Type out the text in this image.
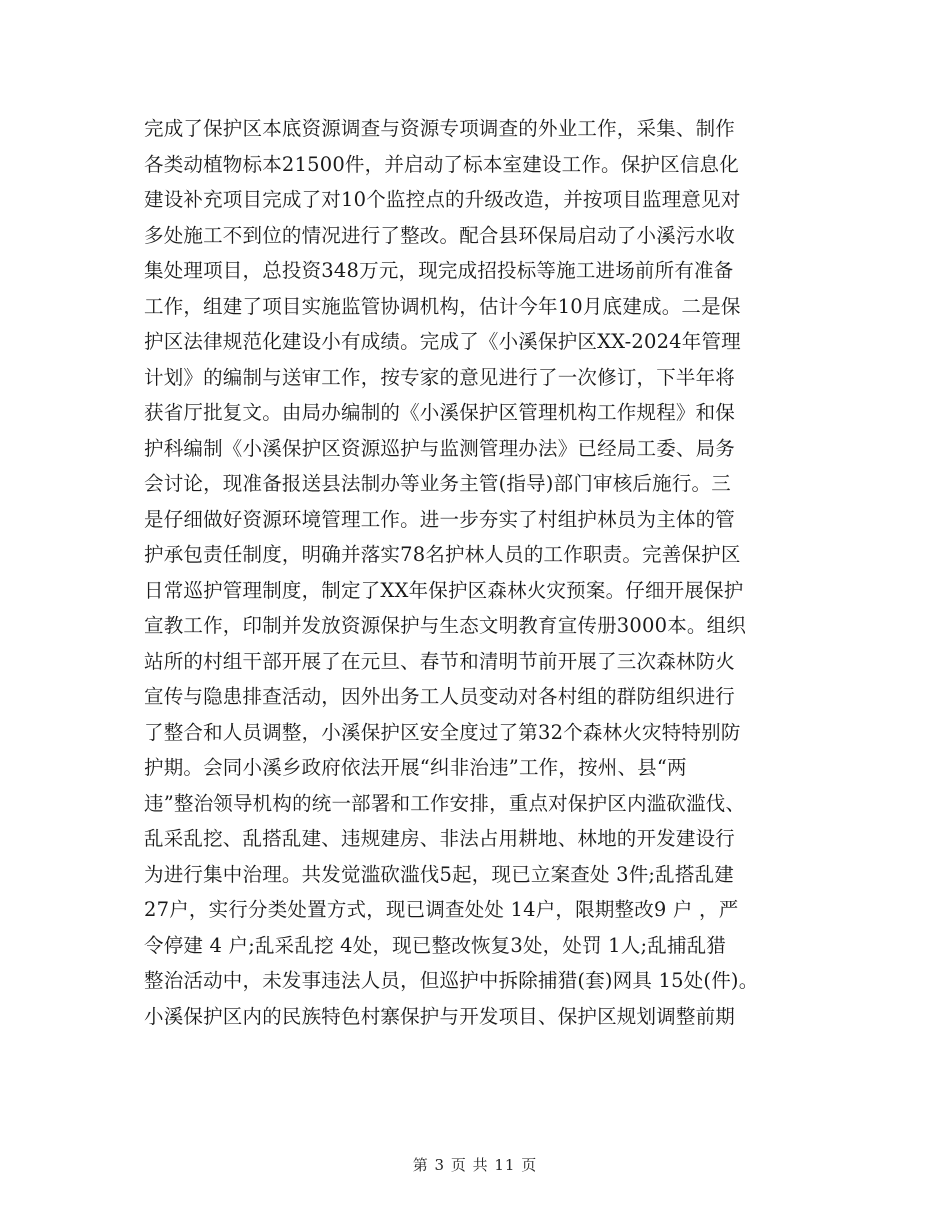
完成了保护区本底资源调查与资源专项调查的外业工作，采集、制作
各类动植物标本21500件，并启动了标本室建设工作。保护区信息化
建设补充项目完成了对10个监控点的升级改造，并按项目监理意见对
多处施工不到位的情况进行了整改。配合县环保局启动了小溪污水收
集处理项目，总投资348万元，现完成招投标等施工进场前所有准备
工作，组建了项目实施监管协调机构，估计今年10月底建成。二是保
护区法律规范化建设小有成绩。完成了《小溪保护区XX-2024年管理
计划》的编制与送审工作，按专家的意见进行了一次修订，下半年将
获省厅批复文。由局办编制的《小溪保护区管理机构工作规程》和保
护科编制《小溪保护区资源巡护与监测管理办法》已经局工委、局务
会讨论，现准备报送县法制办等业务主管(指导)部门审核后施行。三
是仔细做好资源环境管理工作。进一步夯实了村组护林员为主体的管
护承包责任制度，明确并落实78名护林人员的工作职责。完善保护区
日常巡护管理制度，制定了XX年保护区森林火灾预案。仔细开展保护
宣教工作，印制并发放资源保护与生态文明教育宣传册3000本。组织
站所的村组干部开展了在元旦、春节和清明节前开展了三次森林防火
宣传与隐患排查活动，因外出务工人员变动对各村组的群防组织进行
了整合和人员调整，小溪保护区安全度过了第32个森林火灾特特别防
护期。会同小溪乡政府依法开展“纠非治违”工作，按州、县“两
违”整治领导机构的统一部署和工作安排，重点对保护区内滥砍滥伐、
乱采乱挖、乱搭乱建、违规建房、非法占用耕地、林地的开发建设行
为进行集中治理。共发觉滥砍滥伐5起，现已立案查处 3件;乱搭乱建
27户，实行分类处置方式，现已调查处处 14户，限期整改9 户 ，严
令停建 4 户;乱采乱挖 4处，现已整改恢复3处，处罚 1人;乱捕乱猎
整治活动中，未发事违法人员，但巡护中拆除捕猎(套)网具 15处(件)。
小溪保护区内的民族特色村寨保护与开发项目、保护区规划调整前期
第 3 页 共 11 页
